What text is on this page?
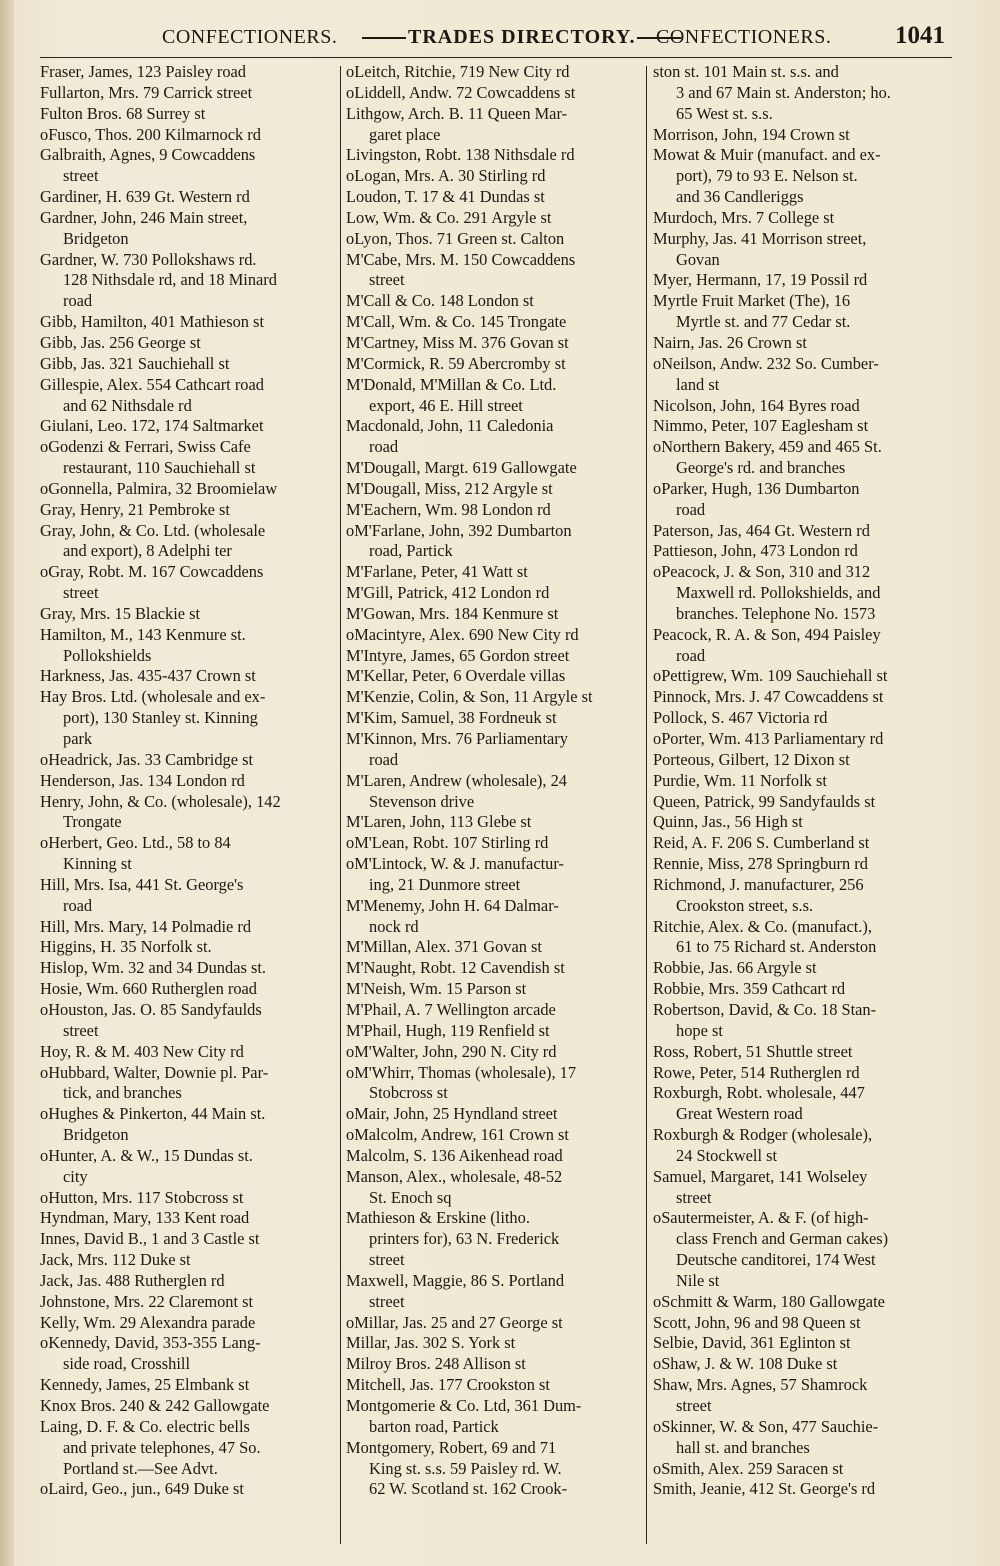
CONFECTIONERS.	TRADES DIRECTORY.	CONFECTIONERS.	1041
Fraser, James, 123 Paisley road
Fullarton, Mrs. 79 Carrick street
Fulton Bros. 68 Surrey st
oFusco, Thos. 200 Kilmarnock rd
Galbraith, Agnes, 9 Cowcaddens
street
Gardiner, H. 639 Gt. Western rd
Gardner, John, 246 Main street,
Bridgeton
Gardner, W. 730 Pollokshaws rd.
128 Nithsdale rd, and 18 Minard
road
Gibb, Hamilton, 401 Mathieson st
Gibb, Jas. 256 George st
Gibb, Jas. 321 Sauchiehall st
Gillespie, Alex. 554 Cathcart road
and 62 Nithsdale rd
Giulani, Leo. 172, 174 Saltmarket
oGodenzi & Ferrari, Swiss Cafe
restaurant, 110 Sauchiehall st
oGonnella, Palmira, 32 Broomielaw
Gray, Henry, 21 Pembroke st
Gray, John, & Co. Ltd. (wholesale
and export), 8 Adelphi ter
oGray, Robt. M. 167 Cowcaddens
street
Gray, Mrs. 15 Blackie st
Hamilton, M., 143 Kenmure st.
Pollokshields
Harkness, Jas. 435-437 Crown st
Hay Bros. Ltd. (wholesale and ex-
port), 130 Stanley st. Kinning
park
oHeadrick, Jas. 33 Cambridge st
Henderson, Jas. 134 London rd
Henry, John, & Co. (wholesale), 142
Trongate
oHerbert, Geo. Ltd., 58 to 84
Kinning st
Hill, Mrs. Isa, 441 St. George's
road
Hill, Mrs. Mary, 14 Polmadie rd
Higgins, H. 35 Norfolk st.
Hislop, Wm. 32 and 34 Dundas st.
Hosie, Wm. 660 Rutherglen road
oHouston, Jas. O. 85 Sandyfaulds
street
Hoy, R. & M. 403 New City rd
oHubbard, Walter, Downie pl. Par-
tick, and branches
oHughes & Pinkerton, 44 Main st.
Bridgeton
oHunter, A. & W., 15 Dundas st.
city
oHutton, Mrs. 117 Stobcross st
Hyndman, Mary, 133 Kent road
Innes, David B., 1 and 3 Castle st
Jack, Mrs. 112 Duke st
Jack, Jas. 488 Rutherglen rd
Johnstone, Mrs. 22 Claremont st
Kelly, Wm. 29 Alexandra parade
oKennedy, David, 353-355 Lang-
side road, Crosshill
Kennedy, James, 25 Elmbank st
Knox Bros. 240 & 242 Gallowgate
Laing, D. F. & Co. electric bells
and private telephones, 47 So.
Portland st.—See Advt.
oLaird, Geo., jun., 649 Duke st
oLeitch, Ritchie, 719 New City rd
oLiddell, Andw. 72 Cowcaddens st
Lithgow, Arch. B. 11 Queen Mar-
garet place
Livingston, Robt. 138 Nithsdale rd
oLogan, Mrs. A. 30 Stirling rd
Loudon, T. 17 & 41 Dundas st
Low, Wm. & Co. 291 Argyle st
oLyon, Thos. 71 Green st. Calton
M'Cabe, Mrs. M. 150 Cowcaddens
street
M'Call & Co. 148 London st
M'Call, Wm. & Co. 145 Trongate
M'Cartney, Miss M. 376 Govan st
M'Cormick, R. 59 Abercromby st
M'Donald, M'Millan & Co. Ltd.
export, 46 E. Hill street
Macdonald, John, 11 Caledonia
road
M'Dougall, Margt. 619 Gallowgate
M'Dougall, Miss, 212 Argyle st
M'Eachern, Wm. 98 London rd
oM'Farlane, John, 392 Dumbarton
road, Partick
M'Farlane, Peter, 41 Watt st
M'Gill, Patrick, 412 London rd
M'Gowan, Mrs. 184 Kenmure st
oMacintyre, Alex. 690 New City rd
M'Intyre, James, 65 Gordon street
M'Kellar, Peter, 6 Overdale villas
M'Kenzie, Colin, & Son, 11 Argyle st
M'Kim, Samuel, 38 Fordneuk st
M'Kinnon, Mrs. 76 Parliamentary
road
M'Laren, Andrew (wholesale), 24
Stevenson drive
M'Laren, John, 113 Glebe st
oM'Lean, Robt. 107 Stirling rd
oM'Lintock, W. & J. manufactur-
ing, 21 Dunmore street
M'Menemy, John H. 64 Dalmar-
nock rd
M'Millan, Alex. 371 Govan st
M'Naught, Robt. 12 Cavendish st
M'Neish, Wm. 15 Parson st
M'Phail, A. 7 Wellington arcade
M'Phail, Hugh, 119 Renfield st
oM'Walter, John, 290 N. City rd
oM'Whirr, Thomas (wholesale), 17
Stobcross st
oMair, John, 25 Hyndland street
oMalcolm, Andrew, 161 Crown st
Malcolm, S. 136 Aikenhead road
Manson, Alex., wholesale, 48-52
St. Enoch sq
Mathieson & Erskine (litho.
printers for), 63 N. Frederick
street
Maxwell, Maggie, 86 S. Portland
street
oMillar, Jas. 25 and 27 George st
Millar, Jas. 302 S. York st
Milroy Bros. 248 Allison st
Mitchell, Jas. 177 Crookston st
Montgomerie & Co. Ltd, 361 Dum-
barton road, Partick
Montgomery, Robert, 69 and 71
King st. s.s. 59 Paisley rd. W.
62 W. Scotland st. 162 Crook-
ston st. 101 Main st. s.s. and
3 and 67 Main st. Anderston; ho.
65 West st. s.s.
Morrison, John, 194 Crown st
Mowat & Muir (manufact. and ex-
port), 79 to 93 E. Nelson st.
and 36 Candleriggs
Murdoch, Mrs. 7 College st
Murphy, Jas. 41 Morrison street,
Govan
Myer, Hermann, 17, 19 Possil rd
Myrtle Fruit Market (The), 16
Myrtle st. and 77 Cedar st.
Nairn, Jas. 26 Crown st
oNeilson, Andw. 232 So. Cumber-
land st
Nicolson, John, 164 Byres road
Nimmo, Peter, 107 Eaglesham st
oNorthern Bakery, 459 and 465 St.
George's rd. and branches
oParker, Hugh, 136 Dumbarton
road
Paterson, Jas, 464 Gt. Western rd
Pattieson, John, 473 London rd
oPeacock, J. & Son, 310 and 312
Maxwell rd. Pollokshields, and
branches. Telephone No. 1573
Peacock, R. A. & Son, 494 Paisley
road
oPettigrew, Wm. 109 Sauchiehall st
Pinnock, Mrs. J. 47 Cowcaddens st
Pollock, S. 467 Victoria rd
oPorter, Wm. 413 Parliamentary rd
Porteous, Gilbert, 12 Dixon st
Purdie, Wm. 11 Norfolk st
Queen, Patrick, 99 Sandyfaulds st
Quinn, Jas., 56 High st
Reid, A. F. 206 S. Cumberland st
Rennie, Miss, 278 Springburn rd
Richmond, J. manufacturer, 256
Crookston street, s.s.
Ritchie, Alex. & Co. (manufact.),
61 to 75 Richard st. Anderston
Robbie, Jas. 66 Argyle st
Robbie, Mrs. 359 Cathcart rd
Robertson, David, & Co. 18 Stan-
hope st
Ross, Robert, 51 Shuttle street
Rowe, Peter, 514 Rutherglen rd
Roxburgh, Robt. wholesale, 447
Great Western road
Roxburgh & Rodger (wholesale),
24 Stockwell st
Samuel, Margaret, 141 Wolseley
street
oSautermeister, A. & F. (of high-
class French and German cakes)
Deutsche canditorei, 174 West
Nile st
oSchmitt & Warm, 180 Gallowgate
Scott, John, 96 and 98 Queen st
Selbie, David, 361 Eglinton st
oShaw, J. & W. 108 Duke st
Shaw, Mrs. Agnes, 57 Shamrock
street
oSkinner, W. & Son, 477 Sauchie-
hall st. and branches
oSmith, Alex. 259 Saracen st
Smith, Jeanie, 412 St. George's rd
